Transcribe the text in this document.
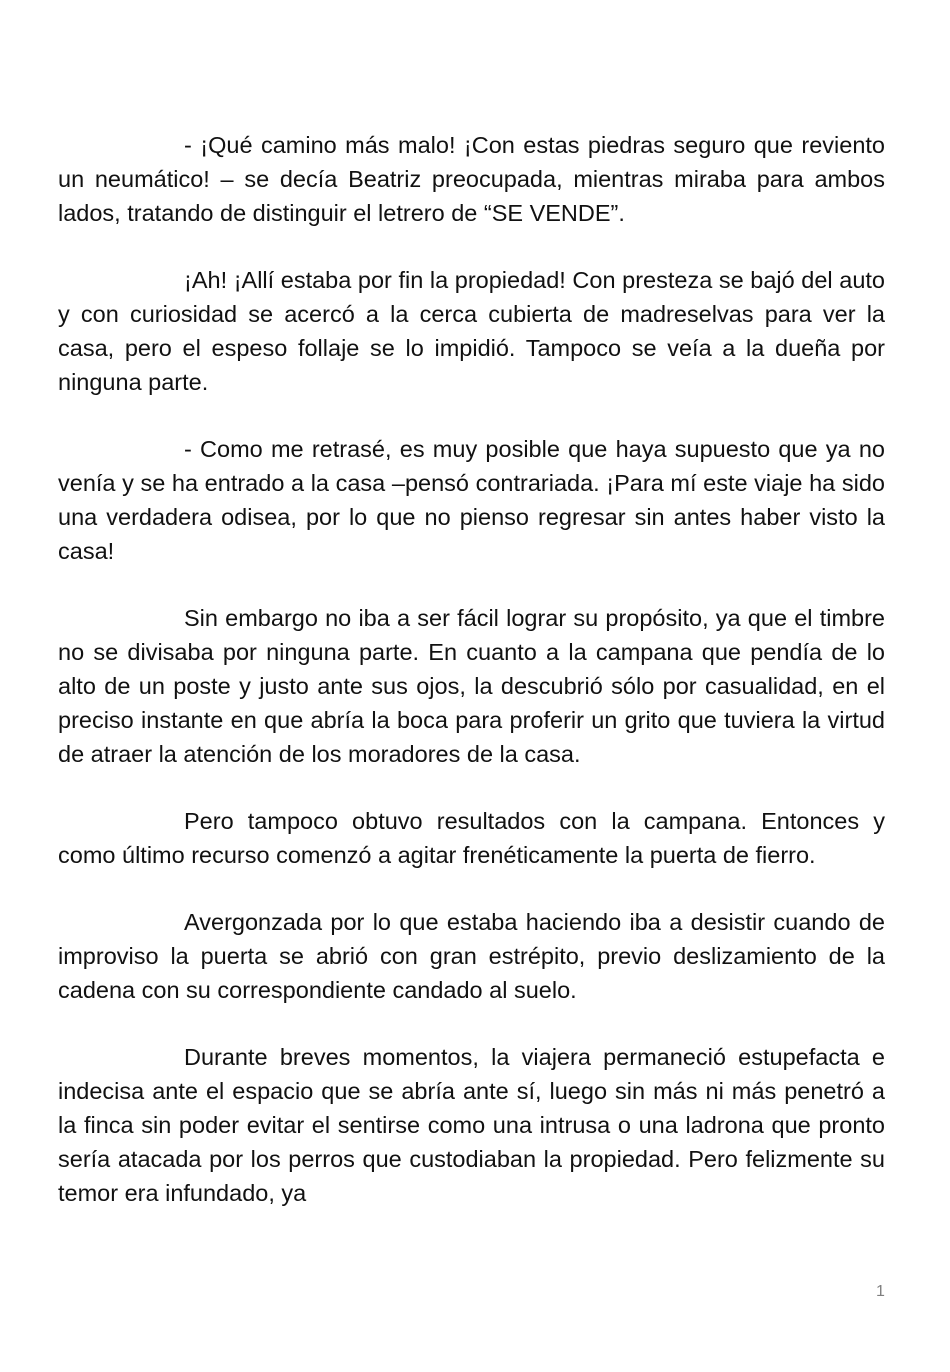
- ¡Qué camino más malo! ¡Con estas piedras seguro que reviento un neumático! – se decía Beatriz preocupada, mientras miraba para ambos lados, tratando de distinguir el letrero de “SE VENDE”.

¡Ah! ¡Allí estaba por fin la propiedad! Con presteza se bajó del auto y con curiosidad se acercó a la cerca cubierta de madreselvas para ver la casa, pero el espeso follaje se lo impidió. Tampoco se veía a la dueña por ninguna parte.

- Como me retrasé, es muy posible que haya supuesto que ya no venía y se ha entrado a la casa –pensó contrariada. ¡Para mí este viaje ha sido una verdadera odisea, por lo que no pienso regresar sin antes haber visto la casa!

Sin embargo no iba a ser fácil lograr su propósito, ya que el timbre no se divisaba por ninguna parte. En cuanto a la campana que pendía de lo alto de un poste y justo ante sus ojos, la descubrió sólo por casualidad, en el preciso instante en que abría la boca para proferir un grito que tuviera la virtud de atraer la atención de los moradores de la casa.

Pero tampoco obtuvo resultados con la campana. Entonces y como último recurso comenzó a agitar frenéticamente la puerta de fierro.

Avergonzada por lo que estaba haciendo iba a desistir cuando de improviso la puerta se abrió con gran estrépito, previo deslizamiento de la cadena con su correspondiente candado al suelo.

Durante breves momentos, la viajera permaneció estupefacta e indecisa ante el espacio que se abría ante sí, luego sin más ni más penetró a la finca sin poder evitar el sentirse como una intrusa o una ladrona que pronto sería atacada por los perros que custodiaban la propiedad. Pero felizmente su temor era infundado, ya

1
